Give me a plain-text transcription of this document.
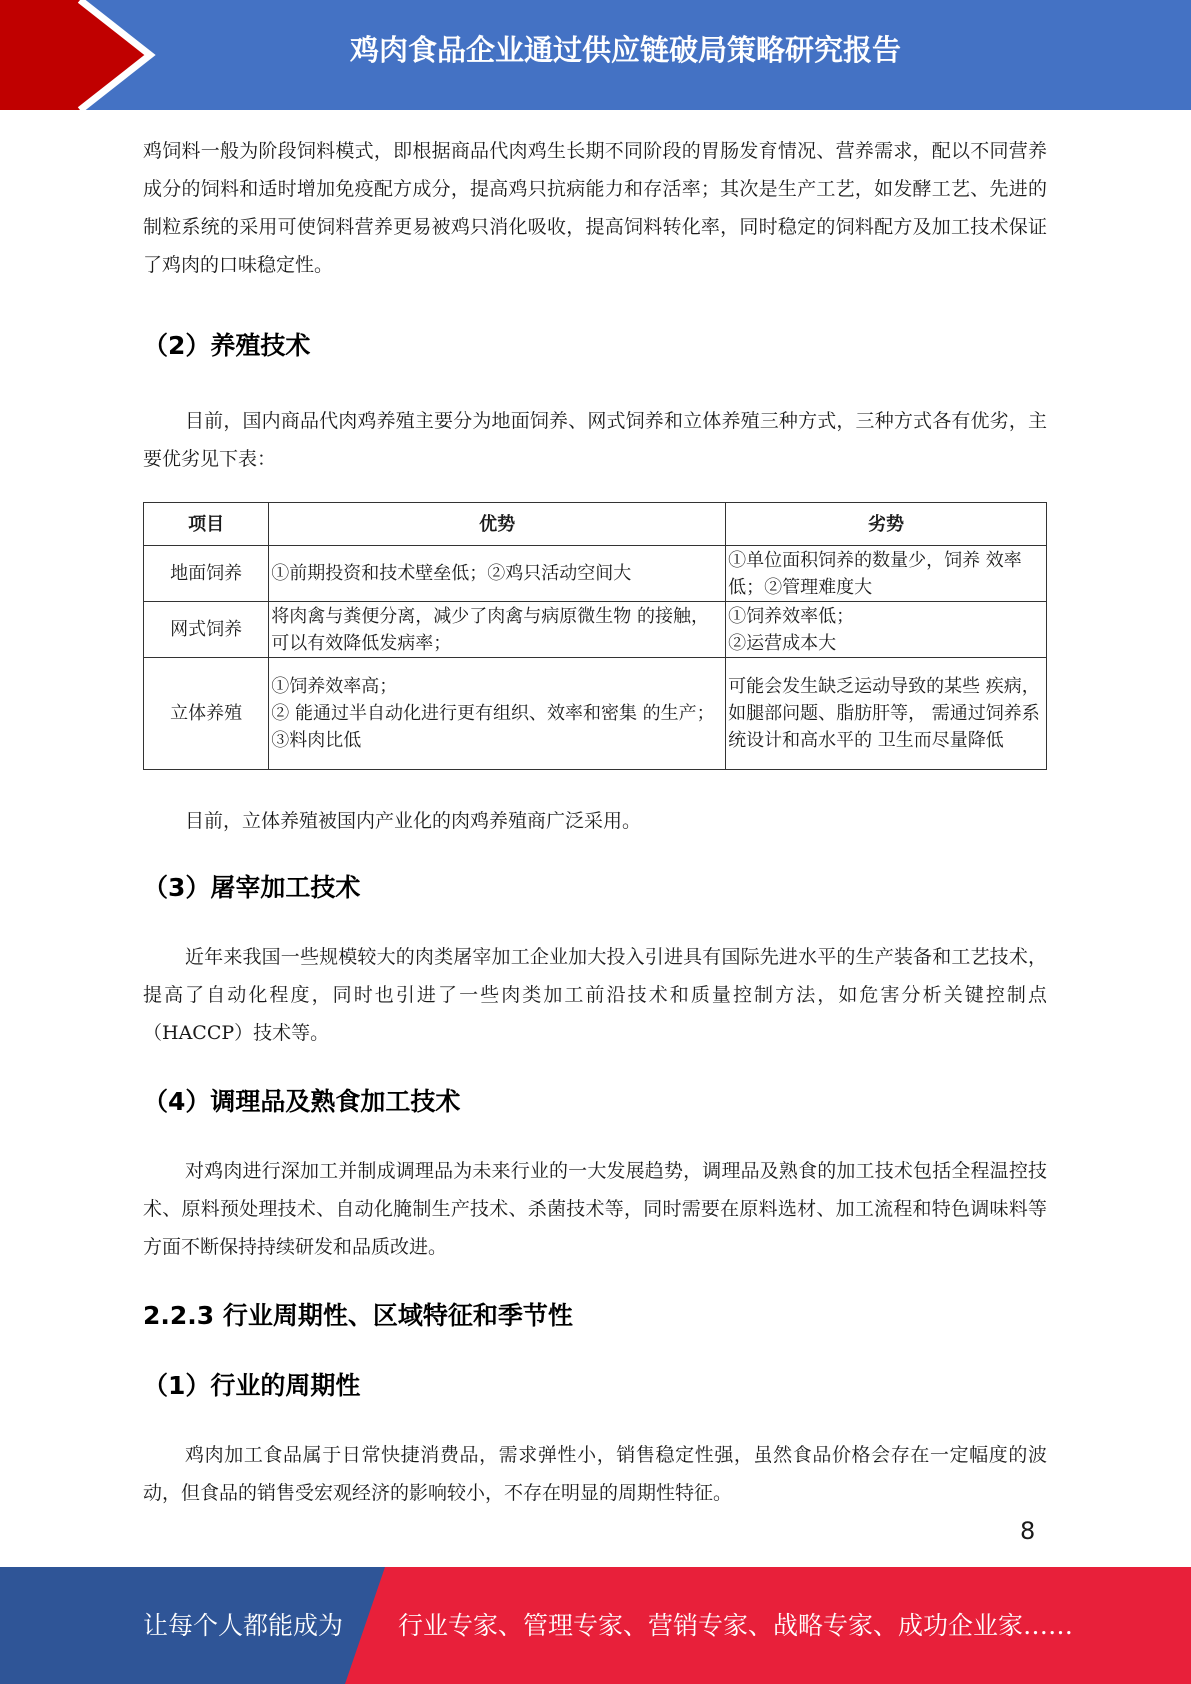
鸡肉食品企业通过供应链破局策略研究报告

鸡饲料一般为阶段饲料模式，即根据商品代肉鸡生长期不同阶段的胃肠发育情况、营养需求，配以不同营养成分的饲料和适时增加免疫配方成分，提高鸡只抗病能力和存活率；其次是生产工艺，如发酵工艺、先进的制粒系统的采用可使饲料营养更易被鸡只消化吸收，提高饲料转化率，同时稳定的饲料配方及加工技术保证了鸡肉的口味稳定性。

（2）养殖技术

目前，国内商品代肉鸡养殖主要分为地面饲养、网式饲养和立体养殖三种方式，三种方式各有优劣，主要优劣见下表：

项目	优势	劣势
地面饲养	①前期投资和技术壁垒低；②鸡只活动空间大	①单位面积饲养的数量少，饲养 效率低；②管理难度大

网式饲养	将肉禽与粪便分离，减少了肉禽与病原微生物 的接触，可以有效降低发病率；	①饲养效率低；
②运营成本大

立体养殖	①饲养效率高；
② 能通过半自动化进行更有组织、效率和密集 的生产；
③料肉比低	可能会发生缺乏运动导致的某些 疾病，如腿部问题、脂肪肝等， 需通过饲养系统设计和高水平的 卫生而尽量降低

目前，立体养殖被国内产业化的肉鸡养殖商广泛采用。

（3）屠宰加工技术

近年来我国一些规模较大的肉类屠宰加工企业加大投入引进具有国际先进水平的生产装备和工艺技术，提高了自动化程度，同时也引进了一些肉类加工前沿技术和质量控制方法，如危害分析关键控制点（HACCP）技术等。

（4）调理品及熟食加工技术

对鸡肉进行深加工并制成调理品为未来行业的一大发展趋势，调理品及熟食的加工技术包括全程温控技术、原料预处理技术、自动化腌制生产技术、杀菌技术等，同时需要在原料选材、加工流程和特色调味料等方面不断保持持续研发和品质改进。

2.2.3 行业周期性、区域特征和季节性
（1）行业的周期性

鸡肉加工食品属于日常快捷消费品，需求弹性小，销售稳定性强，虽然食品价格会存在一定幅度的波动，但食品的销售受宏观经济的影响较小，不存在明显的周期性特征。

8
让每个人都能成为 行业专家、管理专家、营销专家、战略专家、成功企业家……
